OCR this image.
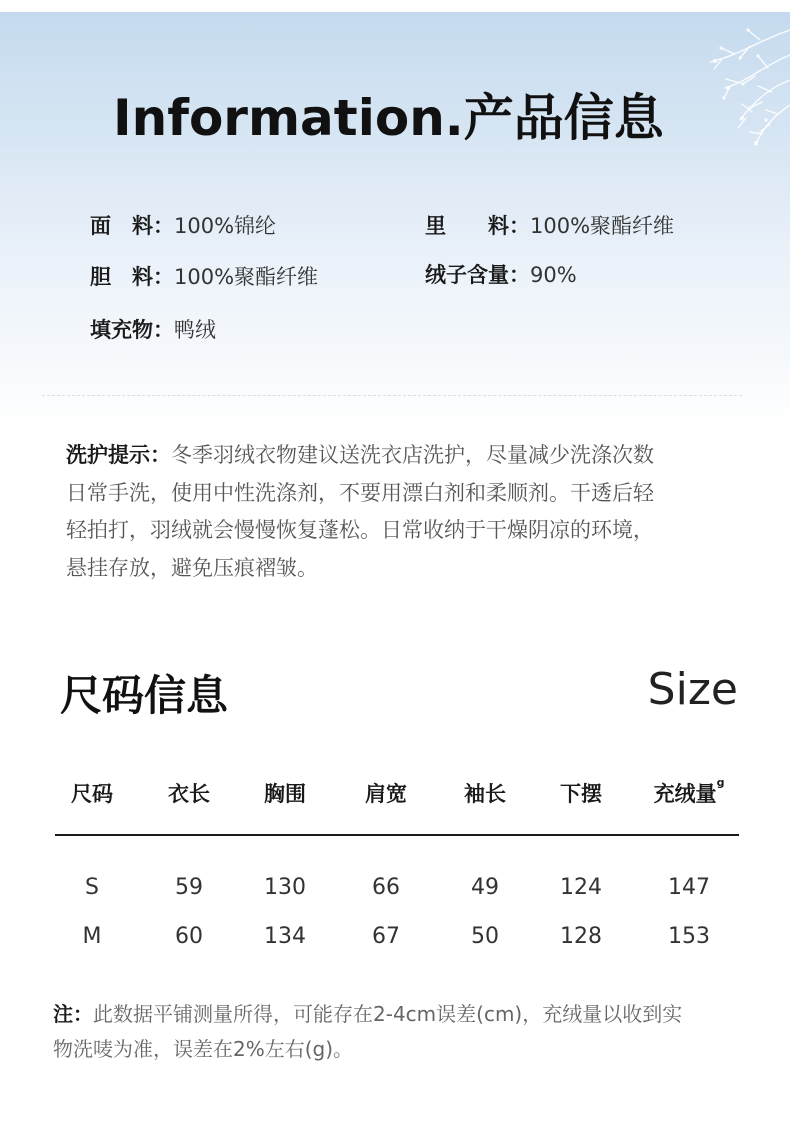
Information.产品信息
面　料：100%锦纶	里　　料：100%聚酯纤维
胆　料：100%聚酯纤维	绒子含量：90%
填充物：鸭绒

洗护提示：冬季羽绒衣物建议送洗衣店洗护，尽量减少洗涤次数
日常手洗，使用中性洗涤剂，不要用漂白剂和柔顺剂。干透后轻
轻拍打，羽绒就会慢慢恢复蓬松。日常收纳于干燥阴凉的环境，
悬挂存放，避免压痕褶皱。

尺码信息	Size
尺码	衣长	胸围	肩宽	袖长	下摆	充绒量$^g$
S	59	130	66	49	124	147
M	60	134	67	50	128	153

注：此数据平铺测量所得，可能存在2-4cm误差(cm)，充绒量以收到实
物洗唛为准，误差在2%左右(g)。
